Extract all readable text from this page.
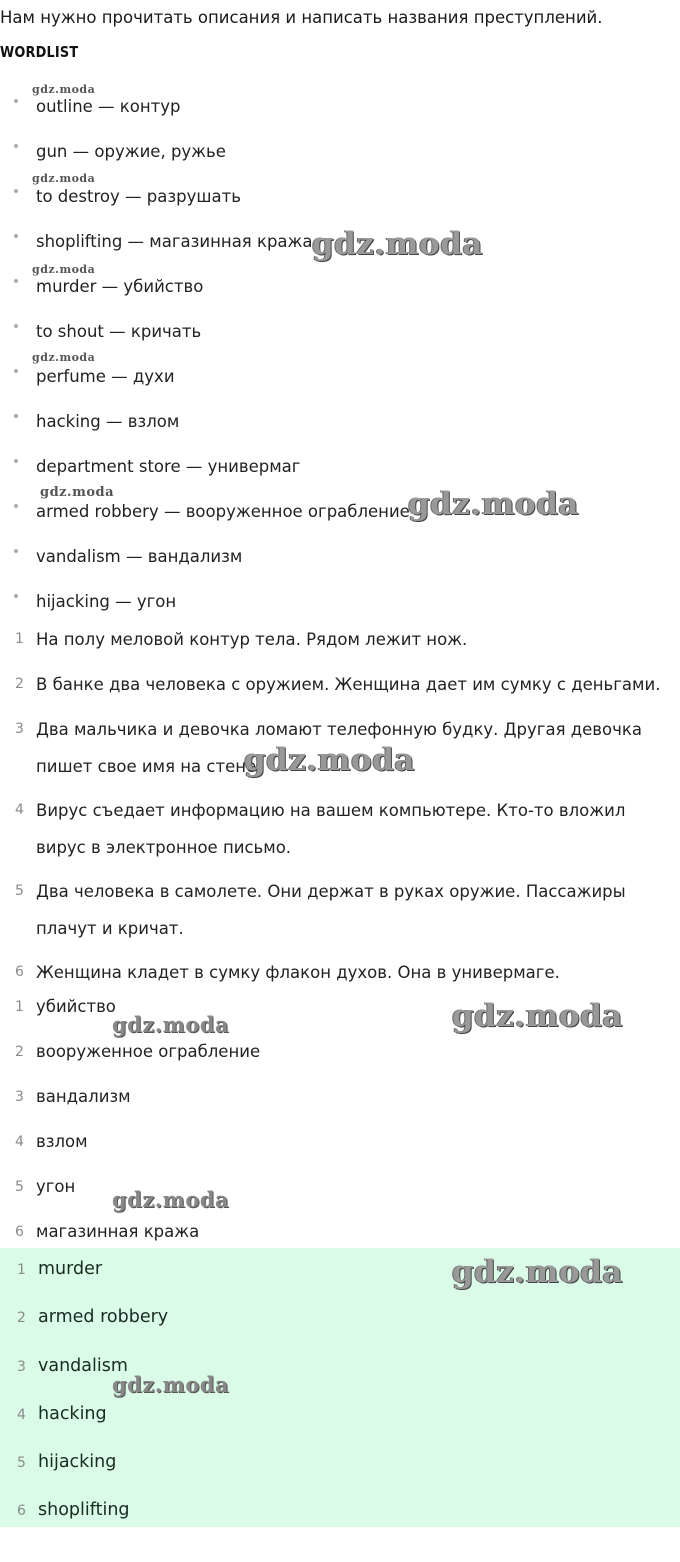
Нам нужно прочитать описания и написать названия преступлений.
WORDLIST
outline — контур
gun — оружие, ружье
to destroy — разрушать
shoplifting — магазинная кража
murder — убийство
to shout — кричать
perfume — духи
hacking — взлом
department store — универмаг
armed robbery — вооруженное ограбление
vandalism — вандализм
hijacking — угон
1 На полу меловой контур тела. Рядом лежит нож.
2 В банке два человека с оружием. Женщина дает им сумку с деньгами.
3 Два мальчика и девочка ломают телефонную будку. Другая девочка пишет свое имя на стене.
4 Вирус съедает информацию на вашем компьютере. Кто-то вложил вирус в электронное письмо.
5 Два человека в самолете. Они держат в руках оружие. Пассажиры плачут и кричат.
6 Женщина кладет в сумку флакон духов. Она в универмаге.
1 убийство
2 вооруженное ограбление
3 вандализм
4 взлом
5 угон
6 магазинная кража
1 murder
2 armed robbery
3 vandalism
4 hacking
5 hijacking
6 shoplifting
gdz.moda
gdz.moda
gdz.moda
gdz.moda
gdz.moda
gdz.moda
gdz.moda
gdz.moda
gdz.moda
gdz.moda
gdz.moda
gdz.moda
gdz.moda
